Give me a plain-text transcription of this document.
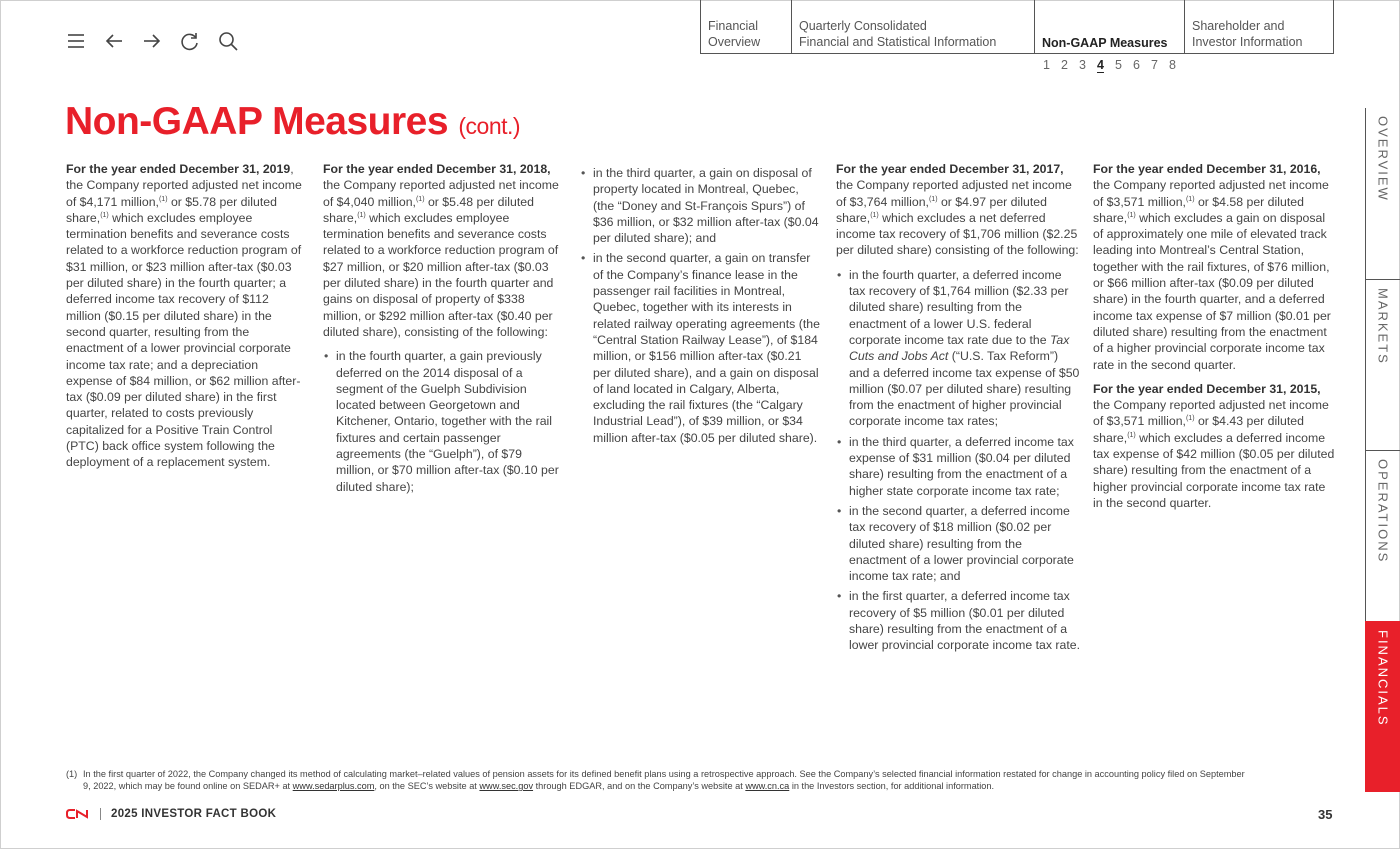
Financial
Overview
Quarterly Consolidated
Financial and Statistical Information	Non-GAAP Measures
Shareholder and
Investor Information
1 2 3 4 5 6 7 8
OVERVIEW
MARKETS
OPERATIONS
FINANCIALS
Non-GAAP Measures (cont.)

For the year ended December 31, 2019, the Company reported adjusted net income of $4,171 million,$^{(1)}$ or $5.78 per diluted share,$^{(1)}$ which excludes employee termination benefits and severance costs related to a workforce reduction program of $31 million, or $23 million after-tax ($0.03 per diluted share) in the fourth quarter; a deferred income tax recovery of $112 million ($0.15 per diluted share) in the second quarter, resulting from the enactment of a lower provincial corporate income tax rate; and a depreciation expense of $84 million, or $62 million after-tax ($0.09 per diluted share) in the first quarter, related to costs previously capitalized for a Positive Train Control (PTC) back office system following the deployment of a replacement system.

For the year ended December 31, 2018, the Company reported adjusted net income of $4,040 million,$^{(1)}$ or $5.48 per diluted share,$^{(1)}$ which excludes employee termination benefits and severance costs related to a workforce reduction program of $27 million, or $20 million after-tax ($0.03 per diluted share) in the fourth quarter and gains on disposal of property of $338 million, or $292 million after-tax ($0.40 per diluted share), consisting of the following:

• in the fourth quarter, a gain previously deferred on the 2014 disposal of a segment of the Guelph Subdivision located between Georgetown and Kitchener, Ontario, together with the rail fixtures and certain passenger agreements (the “Guelph”), of $79 million, or $70 million after-tax ($0.10 per diluted share);
• in the third quarter, a gain on disposal of property located in Montreal, Quebec, (the “Doney and St-François Spurs”) of $36 million, or $32 million after-tax ($0.04 per diluted share); and
• in the second quarter, a gain on transfer of the Company’s finance lease in the passenger rail facilities in Montreal, Quebec, together with its interests in related railway operating agreements (the “Central Station Railway Lease”), of $184 million, or $156 million after-tax ($0.21 per diluted share), and a gain on disposal of land located in Calgary, Alberta, excluding the rail fixtures (the “Calgary Industrial Lead”), of $39 million, or $34 million after-tax ($0.05 per diluted share).

For the year ended December 31, 2017, the Company reported adjusted net income of $3,764 million,$^{(1)}$ or $4.97 per diluted share,$^{(1)}$ which excludes a net deferred income tax recovery of $1,706 million ($2.25 per diluted share) consisting of the following:

• in the fourth quarter, a deferred income tax recovery of $1,764 million ($2.33 per diluted share) resulting from the enactment of a lower U.S. federal corporate income tax rate due to the Tax Cuts and Jobs Act (“U.S. Tax Reform”) and a deferred income tax expense of $50 million ($0.07 per diluted share) resulting from the enactment of higher provincial corporate income tax rates;
• in the third quarter, a deferred income tax expense of $31 million ($0.04 per diluted share) resulting from the enactment of a higher state corporate income tax rate;
• in the second quarter, a deferred income tax recovery of $18 million ($0.02 per diluted share) resulting from the enactment of a lower provincial corporate income tax rate; and
• in the first quarter, a deferred income tax recovery of $5 million ($0.01 per diluted share) resulting from the enactment of a lower provincial corporate income tax rate.

For the year ended December 31, 2016, the Company reported adjusted net income of $3,571 million,$^{(1)}$ or $4.58 per diluted share,$^{(1)}$ which excludes a gain on disposal of approximately one mile of elevated track leading into Montreal’s Central Station, together with the rail fixtures, of $76 million, or $66 million after-tax ($0.09 per diluted share) in the fourth quarter, and a deferred income tax expense of $7 million ($0.01 per diluted share) resulting from the enactment of a higher provincial corporate income tax rate in the second quarter.

For the year ended December 31, 2015, the Company reported adjusted net income of $3,571 million,$^{(1)}$ or $4.43 per diluted share,$^{(1)}$ which excludes a deferred income tax expense of $42 million ($0.05 per diluted share) resulting from the enactment of a higher provincial corporate income tax rate in the second quarter.

(1) In the first quarter of 2022, the Company changed its method of calculating market–related values of pension assets for its defined benefit plans using a retrospective approach. See the Company’s selected financial information restated for change in accounting policy filed on September 9, 2022, which may be found online on SEDAR+ at www.sedarplus.com, on the SEC’s website at www.sec.gov through EDGAR, and on the Company’s website at www.cn.ca in the Investors section, for additional information.
2025 INVESTOR FACT BOOK	35
